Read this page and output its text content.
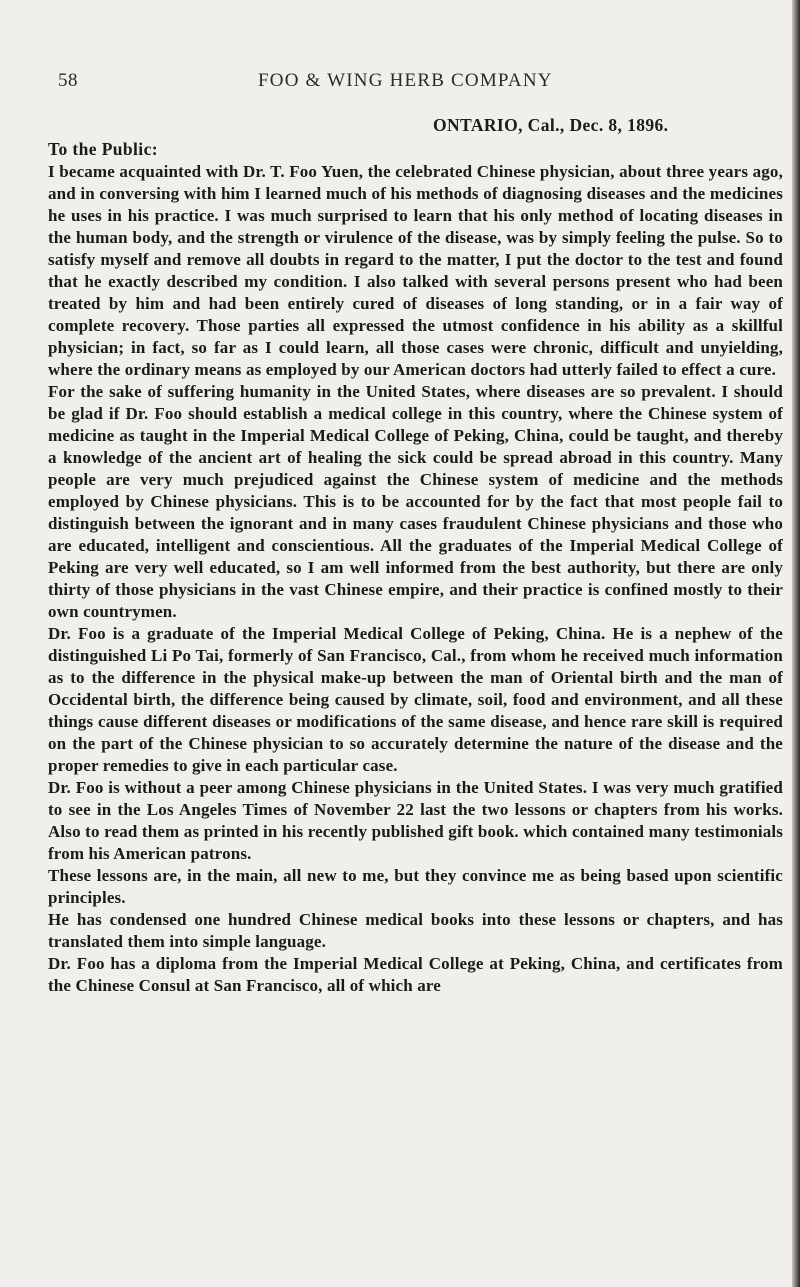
58	FOO & WING HERB COMPANY
ONTARIO, Cal., Dec. 8, 1896.
To the Public:

I became acquainted with Dr. T. Foo Yuen, the celebrated Chinese physician, about three years ago, and in conversing with him I learned much of his methods of diagnosing diseases and the medicines he uses in his practice. I was much surprised to learn that his only method of locating diseases in the human body, and the strength or virulence of the disease, was by simply feeling the pulse. So to satisfy myself and remove all doubts in regard to the matter, I put the doctor to the test and found that he exactly described my condition. I also talked with several persons present who had been treated by him and had been entirely cured of diseases of long standing, or in a fair way of complete recovery. Those parties all expressed the utmost confidence in his ability as a skillful physician; in fact, so far as I could learn, all those cases were chronic, difficult and unyielding, where the ordinary means as employed by our American doctors had utterly failed to effect a cure.

For the sake of suffering humanity in the United States, where diseases are so prevalent. I should be glad if Dr. Foo should establish a medical college in this country, where the Chinese system of medicine as taught in the Imperial Medical College of Peking, China, could be taught, and thereby a knowledge of the ancient art of healing the sick could be spread abroad in this country. Many people are very much prejudiced against the Chinese system of medicine and the methods employed by Chinese physicians. This is to be accounted for by the fact that most people fail to distinguish between the ignorant and in many cases fraudulent Chinese physicians and those who are educated, intelligent and conscientious. All the graduates of the Imperial Medical College of Peking are very well educated, so I am well informed from the best authority, but there are only thirty of those physicians in the vast Chinese empire, and their practice is confined mostly to their own countrymen.

Dr. Foo is a graduate of the Imperial Medical College of Peking, China. He is a nephew of the distinguished Li Po Tai, formerly of San Francisco, Cal., from whom he received much information as to the difference in the physical make-up between the man of Oriental birth and the man of Occidental birth, the difference being caused by climate, soil, food and environment, and all these things cause different diseases or modifications of the same disease, and hence rare skill is required on the part of the Chinese physician to so accurately determine the nature of the disease and the proper remedies to give in each particular case.

Dr. Foo is without a peer among Chinese physicians in the United States. I was very much gratified to see in the Los Angeles Times of November 22 last the two lessons or chapters from his works. Also to read them as printed in his recently published gift book. which contained many testimonials from his American patrons.

These lessons are, in the main, all new to me, but they convince me as being based upon scientific principles.

He has condensed one hundred Chinese medical books into these lessons or chapters, and has translated them into simple language.

Dr. Foo has a diploma from the Imperial Medical College at Peking, China, and certificates from the Chinese Consul at San Francisco, all of which are
